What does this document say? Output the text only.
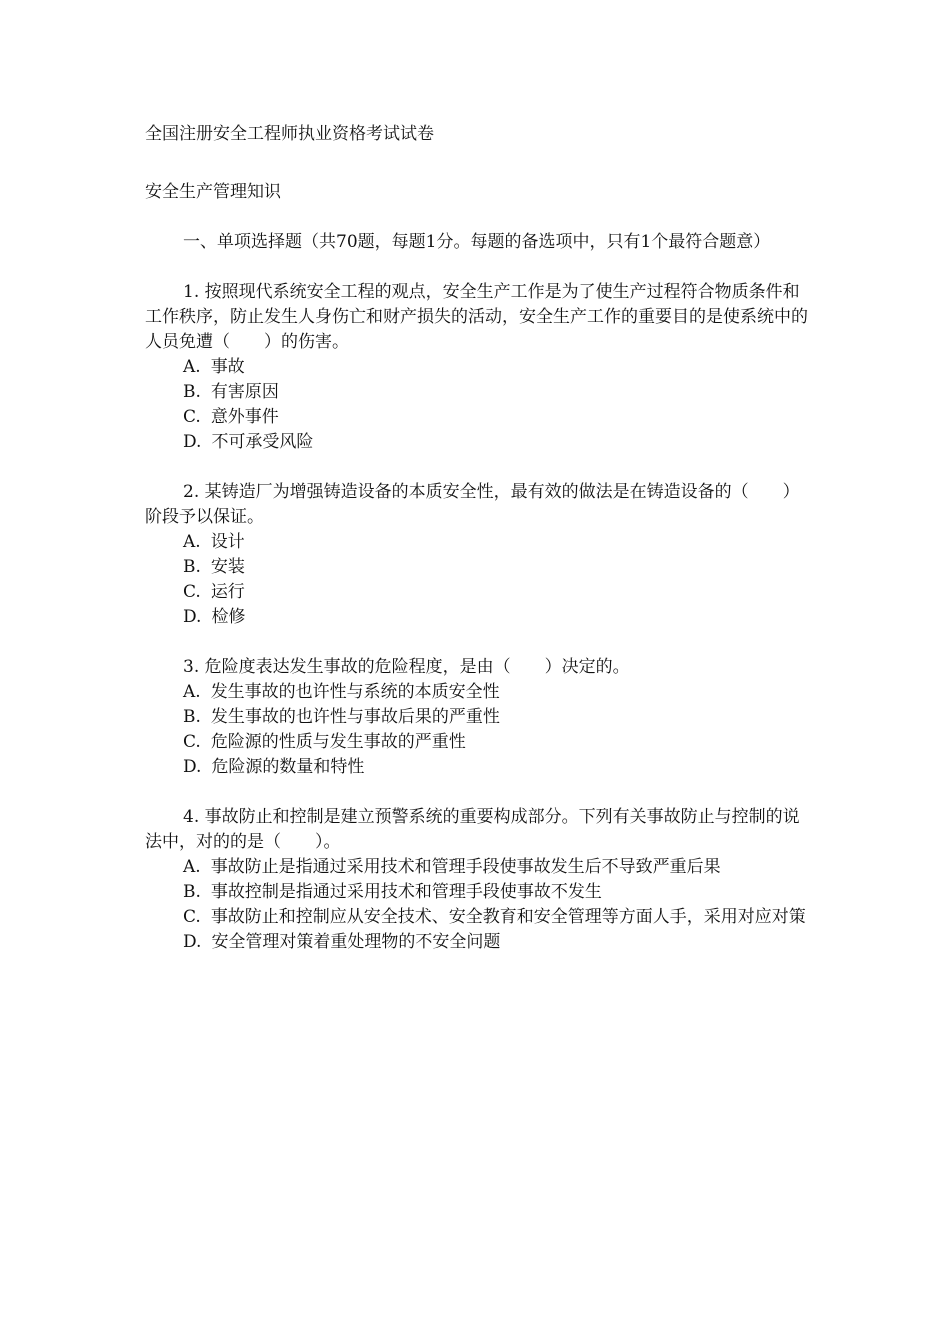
全国注册安全工程师执业资格考试试卷

安全生产管理知识

一、单项选择题（共70题，每题1分。每题的备选项中，只有1个最符合题意）

1. 按照现代系统安全工程的观点，安全生产工作是为了使生产过程符合物质条件和工作秩序，防止发生人身伤亡和财产损失的活动，安全生产工作的重要目的是使系统中的人员免遭（　　）的伤害。

A. 事故

B. 有害原因

C. 意外事件

D. 不可承受风险

2. 某铸造厂为增强铸造设备的本质安全性，最有效的做法是在铸造设备的（　　）阶段予以保证。

A. 设计

B. 安装

C. 运行

D. 检修

3. 危险度表达发生事故的危险程度，是由（　　）决定的。

A. 发生事故的也许性与系统的本质安全性

B. 发生事故的也许性与事故后果的严重性

C. 危险源的性质与发生事故的严重性

D. 危险源的数量和特性

4. 事故防止和控制是建立预警系统的重要构成部分。下列有关事故防止与控制的说法中，对的的是（　　）。

A. 事故防止是指通过采用技术和管理手段使事故发生后不导致严重后果

B. 事故控制是指通过采用技术和管理手段使事故不发生

C. 事故防止和控制应从安全技术、安全教育和安全管理等方面人手，采用对应对策

D. 安全管理对策着重处理物的不安全问题
